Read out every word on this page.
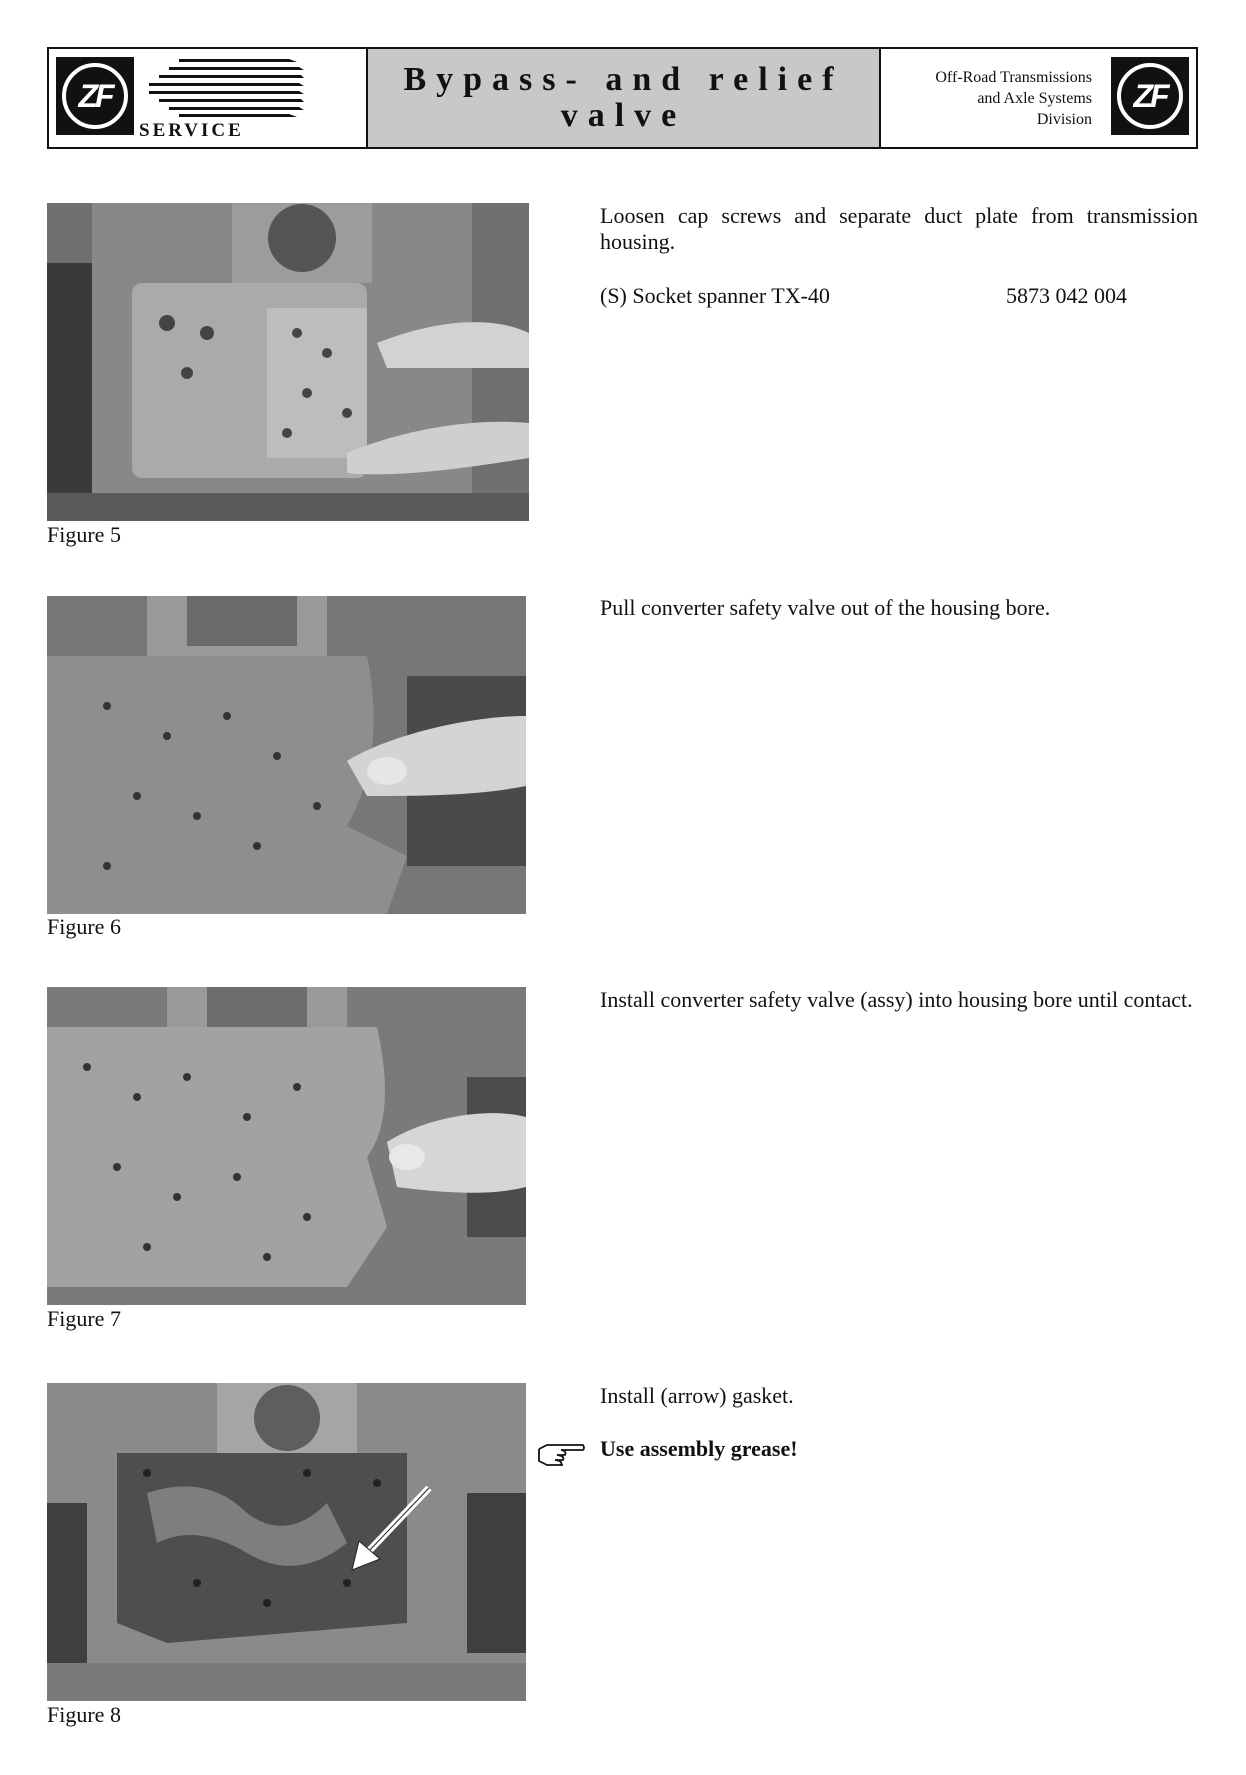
ZF
SERVICE
Bypass- and relief
valve
Off-Road Transmissions
and Axle Systems
Division
ZF
Figure 5
Loosen cap screws and separate duct plate from transmission housing.
(S) Socket spanner TX-40	5873 042 004
Figure 6
Pull converter safety valve out of the housing bore.
Figure 7
Install converter safety valve (assy) into housing bore until contact.
Figure 8
Install (arrow) gasket.
Use assembly grease!
